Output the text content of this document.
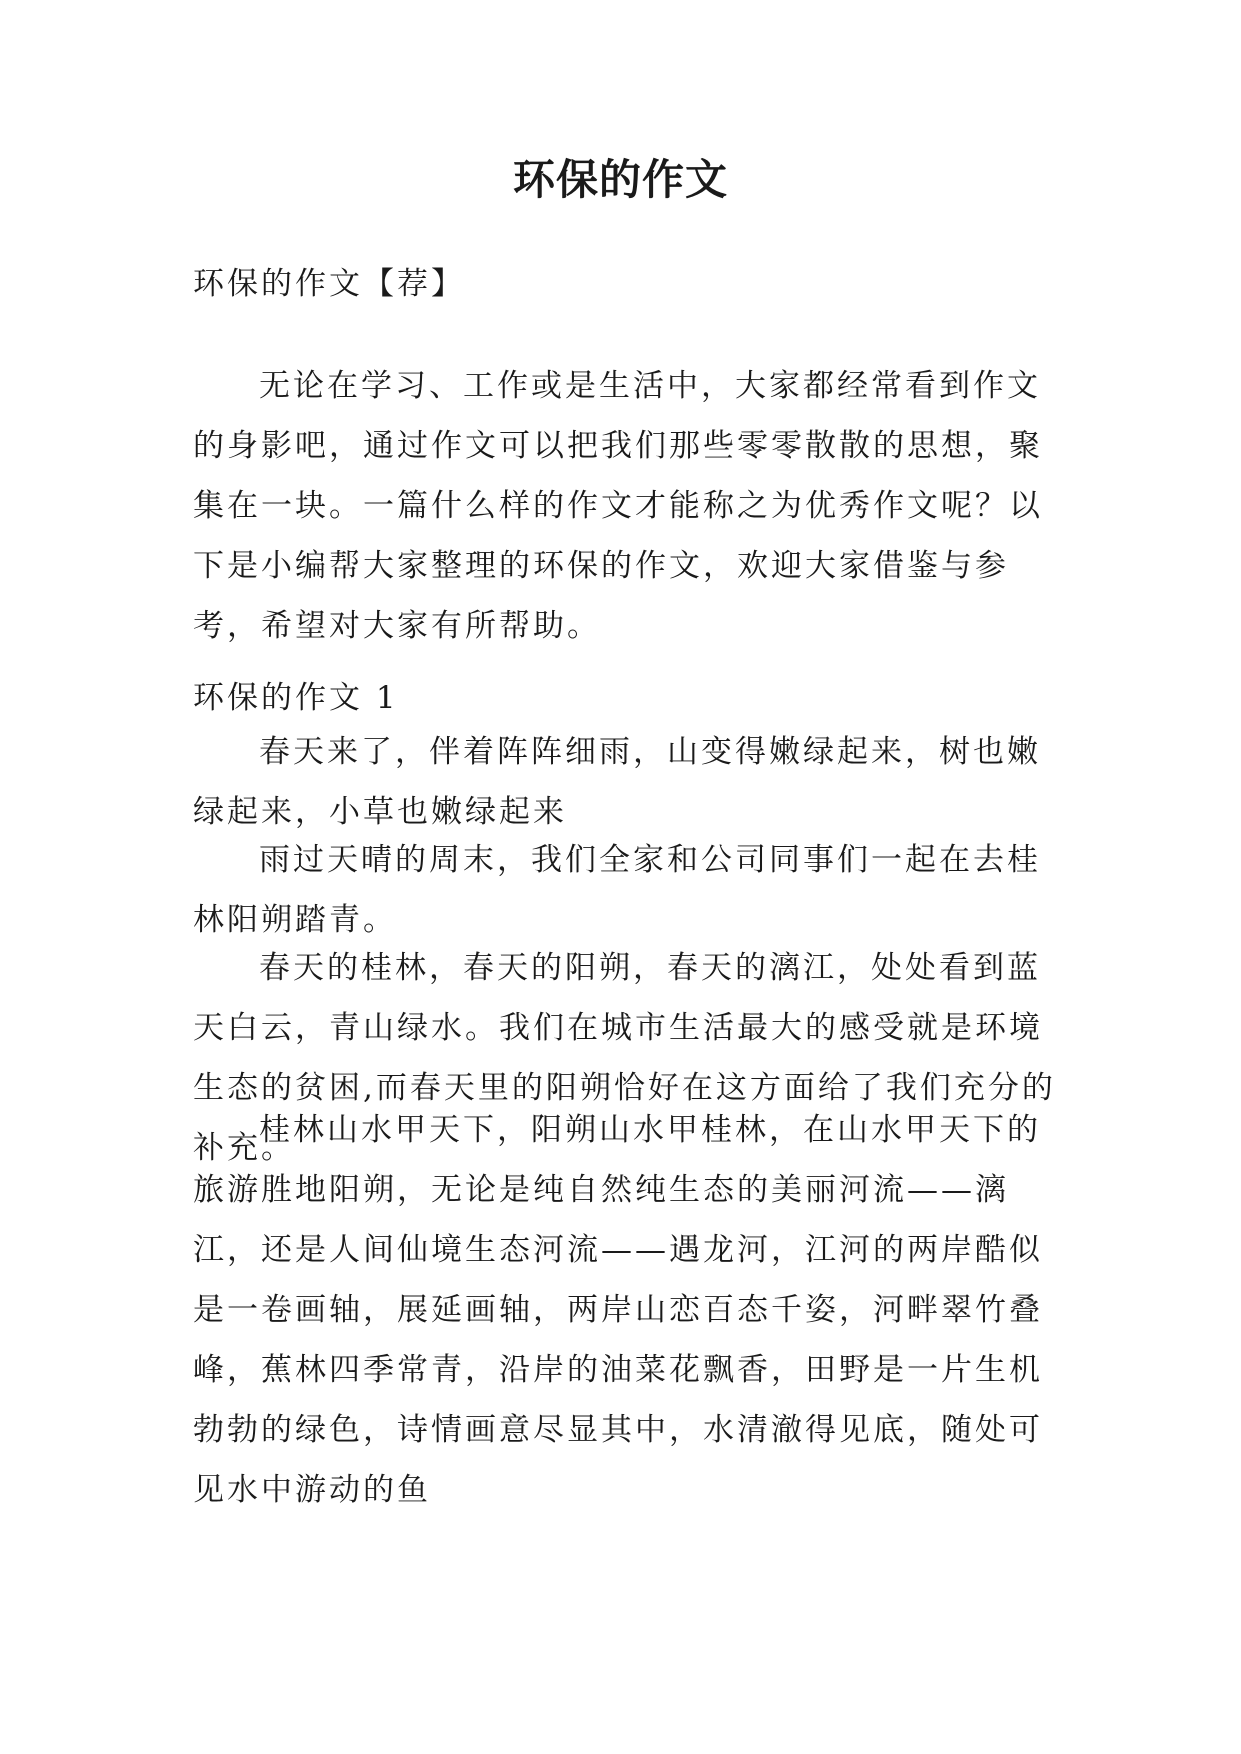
环保的作文
环保的作文【荐】

无论在学习、工作或是生活中，大家都经常看到作文的身影吧，通过作文可以把我们那些零零散散的思想，聚集在一块。一篇什么样的作文才能称之为优秀作文呢？以下是小编帮大家整理的环保的作文，欢迎大家借鉴与参考，希望对大家有所帮助。

环保的作文 1

春天来了，伴着阵阵细雨，山变得嫩绿起来，树也嫩绿起来，小草也嫩绿起来

雨过天晴的周末，我们全家和公司同事们一起在去桂林阳朔踏青。

春天的桂林，春天的阳朔，春天的漓江，处处看到蓝天白云，青山绿水。我们在城市生活最大的感受就是环境生态的贫困,而春天里的阳朔恰好在这方面给了我们充分的补充。

桂林山水甲天下，阳朔山水甲桂林，在山水甲天下的旅游胜地阳朔，无论是纯自然纯生态的美丽河流——漓江，还是人间仙境生态河流——遇龙河，江河的两岸酷似是一卷画轴，展延画轴，两岸山恋百态千姿，河畔翠竹叠峰，蕉林四季常青，沿岸的油菜花飘香，田野是一片生机勃勃的绿色，诗情画意尽显其中，水清澈得见底，随处可见水中游动的鱼
